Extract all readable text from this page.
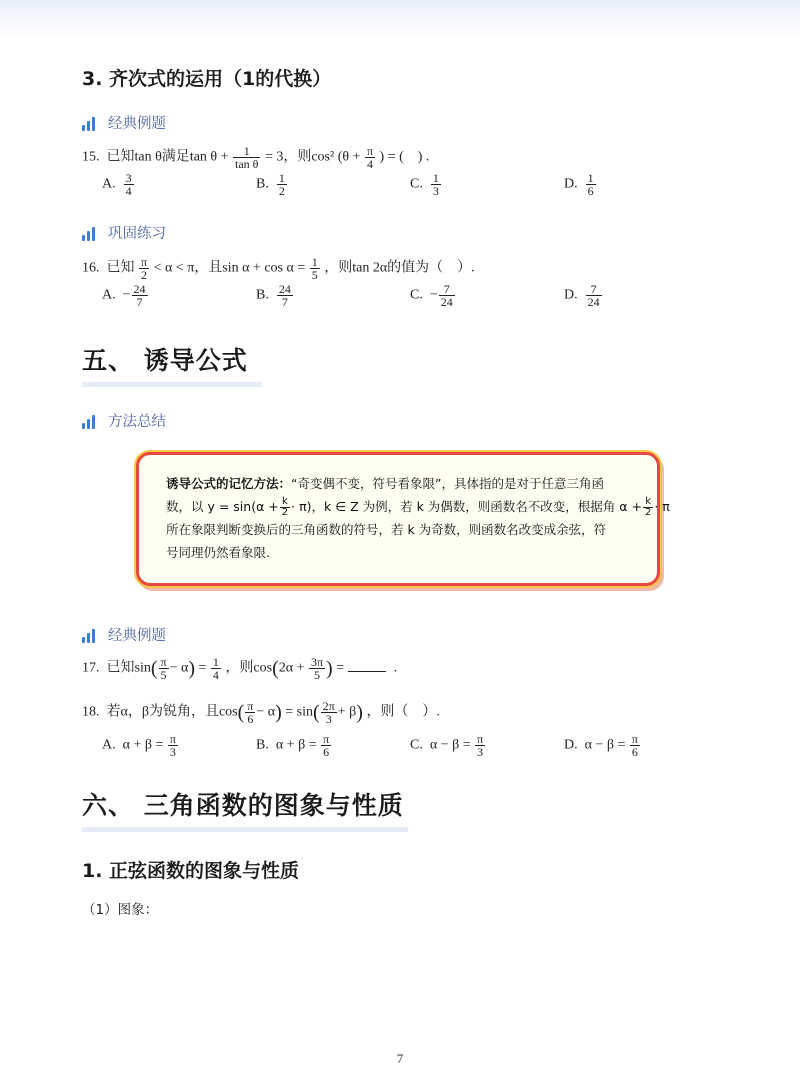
3. 齐次式的运用（1的代换）
经典例题
15. 已知tan θ满足$\tan \theta + \frac{1}{\text{tan θ}} = 3$，则cos² ($\theta + \frac{\pi}{4}$ ) = (　) .
A. $\frac{3}{4}$	B. $\frac{1}{2}$	C. $\frac{1}{3}$	D. $\frac{1}{6}$
巩固练习
16. 已知 $\frac{\pi}{2} < \alpha < \pi$，且$\sin \alpha + \cos \alpha = \frac{1}{5}$ ，则tan 2α的值为（　）.
A. − $\frac{24}{7}$	B. $\frac{24}{7}$	C. − $\frac{7}{24}$	D. $\frac{7}{24}$
五、 诱导公式
方法总结
诱导公式的记忆方法：“奇变偶不变，符号看象限”，具体指的是对于任意三角函
数，以 $y = \sin(\alpha + \frac{k}{2} \cdot \pi)$，k ∈ Z 为例，若 k 为偶数，则函数名不改变，根据角 $\alpha + \frac{k}{2} \cdot \pi$
所在象限判断变换后的三角函数的符号，若 k 为奇数，则函数名改变成余弦，符
号同理仍然看象限.
经典例题
17. 已知$\sin( \frac{\pi}{5} - \alpha) = \frac{1}{4}$ ，则$\cos(2\alpha + \frac{3\pi}{5}$ ) =	.
18. 若α，β为锐角，且$\cos( \frac{\pi}{6} - \alpha) = \sin( \frac{2\pi}{3} + \beta)$ ，则（　）.
A. $\alpha + \beta = \frac{\pi}{3}$	B. $\alpha + \beta = \frac{\pi}{6}$	C. $\alpha - \beta = \frac{\pi}{3}$	D. $\alpha - \beta = \frac{\pi}{6}$
六、 三角函数的图象与性质
1. 正弦函数的图象与性质
（1）图象：
7
